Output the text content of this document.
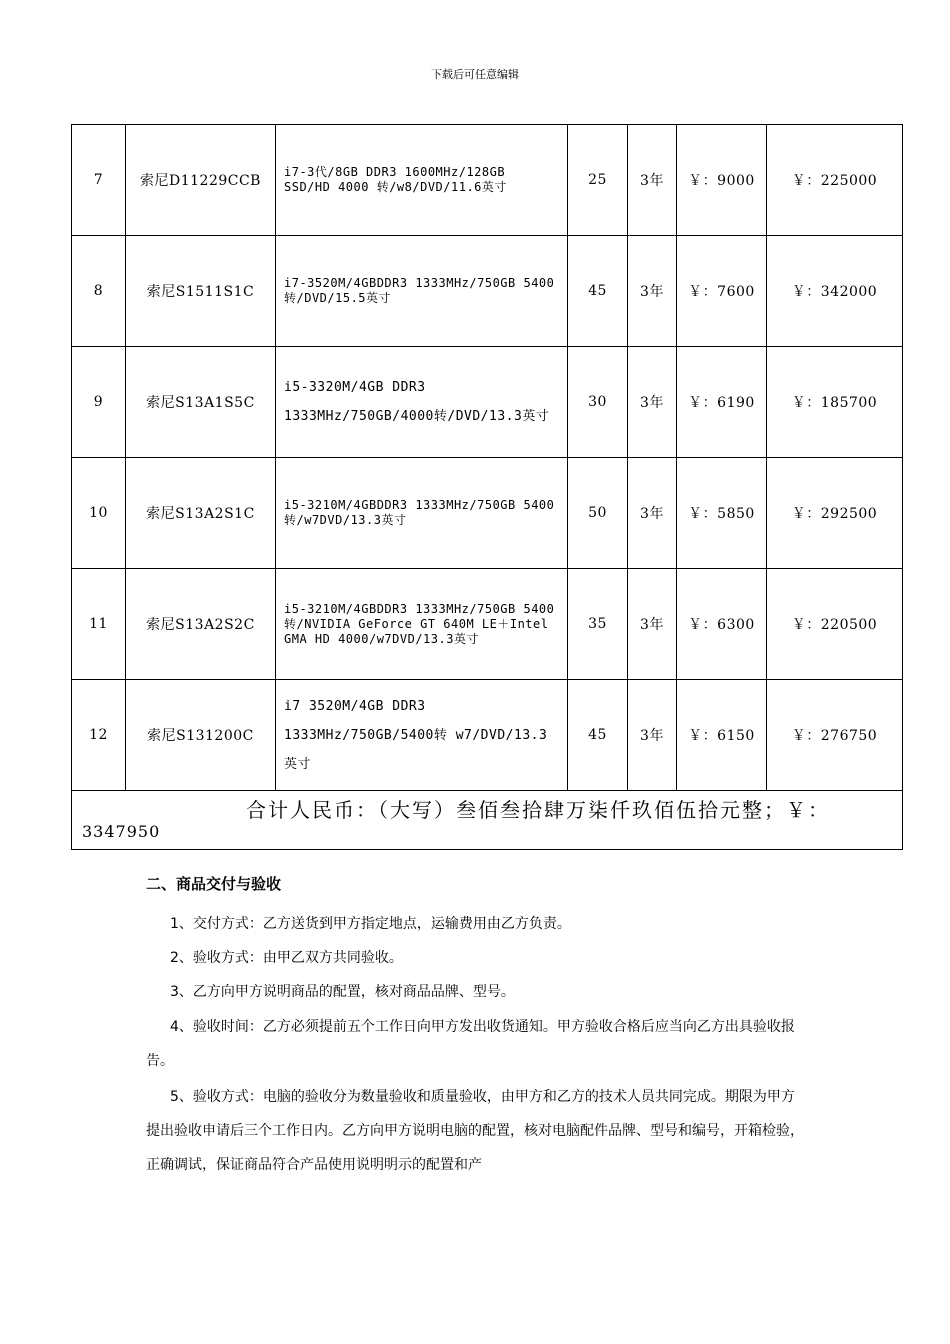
下载后可任意编辑
7	索尼D11229CCB	i7-3代/8GB DDR3 1600MHz/128GB SSD/HD 4000 转/w8/DVD/11.6英寸	25	3年	￥：9000	￥：225000
8	索尼S1511S1C	i7-3520M/4GBDDR3 1333MHz/750GB 5400转/DVD/15.5英寸	45	3年	￥：7600	￥：342000
9	索尼S13A1S5C	i5-3320M/4GB DDR3 1333MHz/750GB/4000转/DVD/13.3英寸	30	3年	￥：6190	￥：185700
10	索尼S13A2S1C	i5-3210M/4GBDDR3 1333MHz/750GB 5400转/w7DVD/13.3英寸	50	3年	￥：5850	￥：292500
11	索尼S13A2S2C	i5-3210M/4GBDDR3 1333MHz/750GB 5400转/NVIDIA GeForce GT 640M LE＋Intel GMA HD 4000/w7DVD/13.3英寸	35	3年	￥：6300	￥：220500
12	索尼S131200C	i7 3520M/4GB DDR3 1333MHz/750GB/5400转 w7/DVD/13.3英寸	45	3年	￥：6150	￥：276750

合计人民币：（大写）叁佰叁拾肆万柒仟玖佰伍拾元整；￥：
3347950						
二、商品交付与验收
1、交付方式：乙方送货到甲方指定地点，运输费用由乙方负责。
2、验收方式：由甲乙双方共同验收。
3、乙方向甲方说明商品的配置，核对商品品牌、型号。
4、验收时间：乙方必须提前五个工作日向甲方发出收货通知。甲方验收合格后应当向乙方出具验收报告。
5、验收方式：电脑的验收分为数量验收和质量验收，由甲方和乙方的技术人员共同完成。期限为甲方提出验收申请后三个工作日内。乙方向甲方说明电脑的配置，核对电脑配件品牌、型号和编号，开箱检验，正确调试，保证商品符合产品使用说明明示的配置和产
